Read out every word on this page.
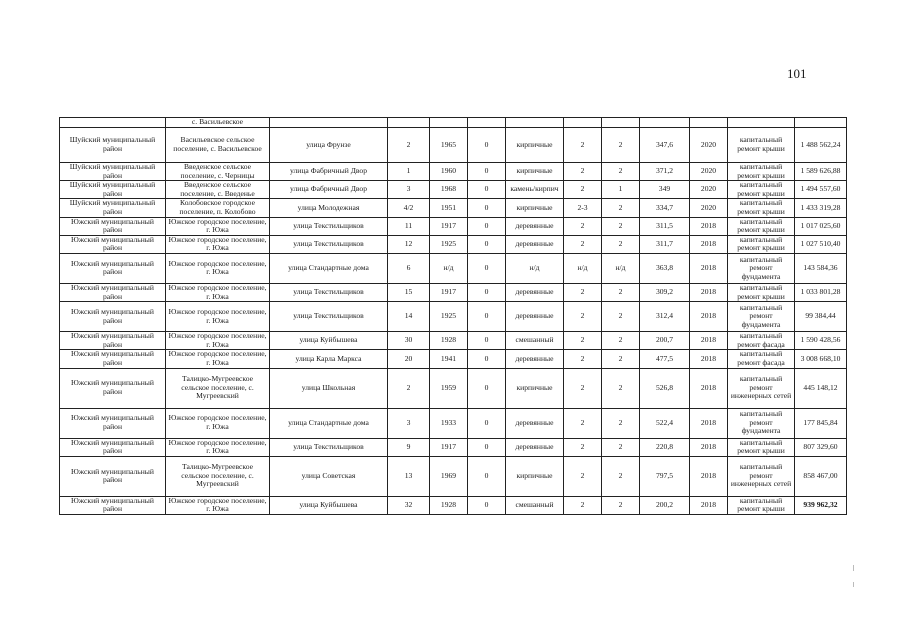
101
	с. Васильевское											
Шуйский муниципальный район	Васильевское сельское поселение, с. Васильевское	улица Фрунзе	2	1965	0	кирпичные	2	2	347,6	2020	капитальный ремонт крыши	1 488 562,24
Шуйский муниципальный район	Введенское сельское поселение, с. Черницы	улица Фабричный Двор	1	1960	0	кирпичные	2	2	371,2	2020	капитальный ремонт крыши	1 589 626,88
Шуйский муниципальный район	Введенское сельское поселение, с. Введенье	улица Фабричный Двор	3	1968	0	камень/кирпич	2	1	349	2020	капитальный ремонт крыши	1 494 557,60
Шуйский муниципальный район	Колобовское городское поселение, п. Колобово	улица Молодежная	4/2	1951	0	кирпичные	2-3	2	334,7	2020	капитальный ремонт крыши	1 433 319,28
Южский муниципальный район	Южское городское поселение, г. Южа	улица Текстильщиков	11	1917	0	деревянные	2	2	311,5	2018	капитальный ремонт крыши	1 017 025,60
Южский муниципальный район	Южское городское поселение, г. Южа	улица Текстильщиков	12	1925	0	деревянные	2	2	311,7	2018	капитальный ремонт крыши	1 027 510,40
Южский муниципальный район	Южское городское поселение, г. Южа	улица Стандартные дома	6	н/д	0	н/д	н/д	н/д	363,8	2018	капитальный ремонт фундамента	143 584,36
Южский муниципальный район	Южское городское поселение, г. Южа	улица Текстильщиков	15	1917	0	деревянные	2	2	309,2	2018	капитальный ремонт крыши	1 033 801,28
Южский муниципальный район	Южское городское поселение, г. Южа	улица Текстильщиков	14	1925	0	деревянные	2	2	312,4	2018	капитальный ремонт фундамента	99 384,44
Южский муниципальный район	Южское городское поселение, г. Южа	улица Куйбышева	30	1928	0	смешанный	2	2	200,7	2018	капитальный ремонт фасада	1 590 428,56
Южский муниципальный район	Южское городское поселение, г. Южа	улица Карла Маркса	20	1941	0	деревянные	2	2	477,5	2018	капитальный ремонт фасада	3 008 668,10
Южский муниципальный район	Талицко-Мугреевское сельское поселение, с. Мугреевский	улица Школьная	2	1959	0	кирпичные	2	2	526,8	2018	капитальный ремонт инженерных сетей	445 148,12
Южский муниципальный район	Южское городское поселение, г. Южа	улица Стандартные дома	3	1933	0	деревянные	2	2	522,4	2018	капитальный ремонт фундамента	177 845,84
Южский муниципальный район	Южское городское поселение, г. Южа	улица Текстильщиков	9	1917	0	деревянные	2	2	220,8	2018	капитальный ремонт крыши	807 329,60
Южский муниципальный район	Талицко-Мугреевское сельское поселение, с. Мугреевский	улица Советская	13	1969	0	кирпичные	2	2	797,5	2018	капитальный ремонт инженерных сетей	858 467,00
Южский муниципальный район	Южское городское поселение, г. Южа	улица Куйбышева	32	1928	0	смешанный	2	2	200,2	2018	капитальный ремонт крыши	939 962,32
